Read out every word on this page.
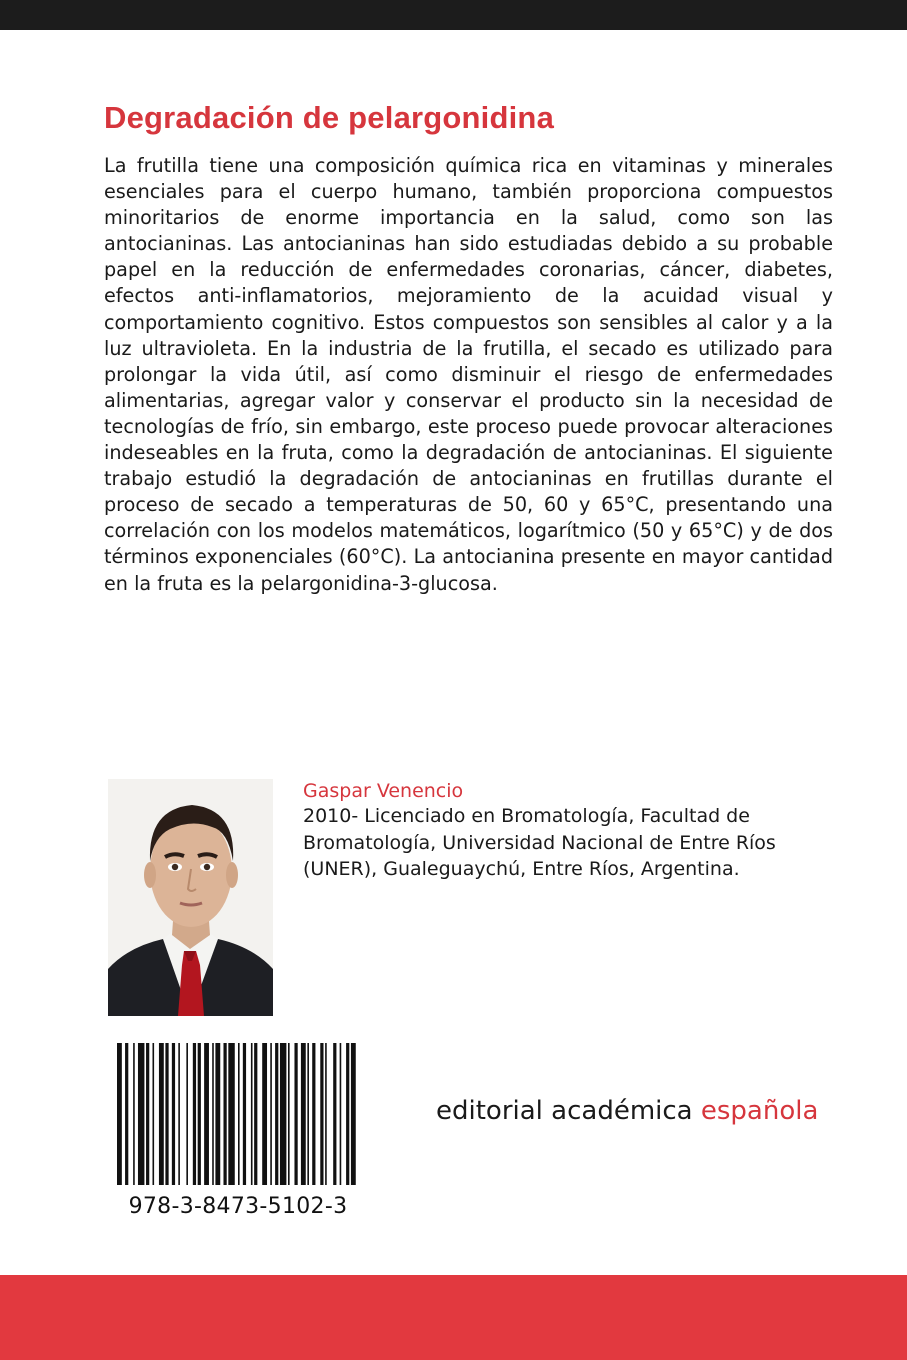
Degradación de pelargonidina

La frutilla tiene una composición química rica en vitaminas y minerales esenciales para el cuerpo humano, también proporciona compuestos minoritarios de enorme importancia en la salud, como son las antocianinas. Las antocianinas han sido estudiadas debido a su probable papel en la reducción de enfermedades coronarias, cáncer, diabetes, efectos anti-inflamatorios, mejoramiento de la acuidad visual y comportamiento cognitivo. Estos compuestos son sensibles al calor y a la luz ultravioleta. En la industria de la frutilla, el secado es utilizado para prolongar la vida útil, así como disminuir el riesgo de enfermedades alimentarias, agregar valor y conservar el producto sin la necesidad de tecnologías de frío, sin embargo, este proceso puede provocar alteraciones indeseables en la fruta, como la degradación de antocianinas. El siguiente trabajo estudió la degradación de antocianinas en frutillas durante el proceso de secado a temperaturas de 50, 60 y 65°C, presentando una correlación con los modelos matemáticos, logarítmico (50 y 65°C) y de dos términos exponenciales (60°C). La antocianina presente en mayor cantidad en la fruta es la pelargonidina-3-glucosa.

Gaspar Venencio
2010- Licenciado en Bromatología, Facultad de Bromatología, Universidad Nacional de Entre Ríos (UNER), Gualeguaychú, Entre Ríos, Argentina.
978-3-8473-5102-3
editorial académica española
